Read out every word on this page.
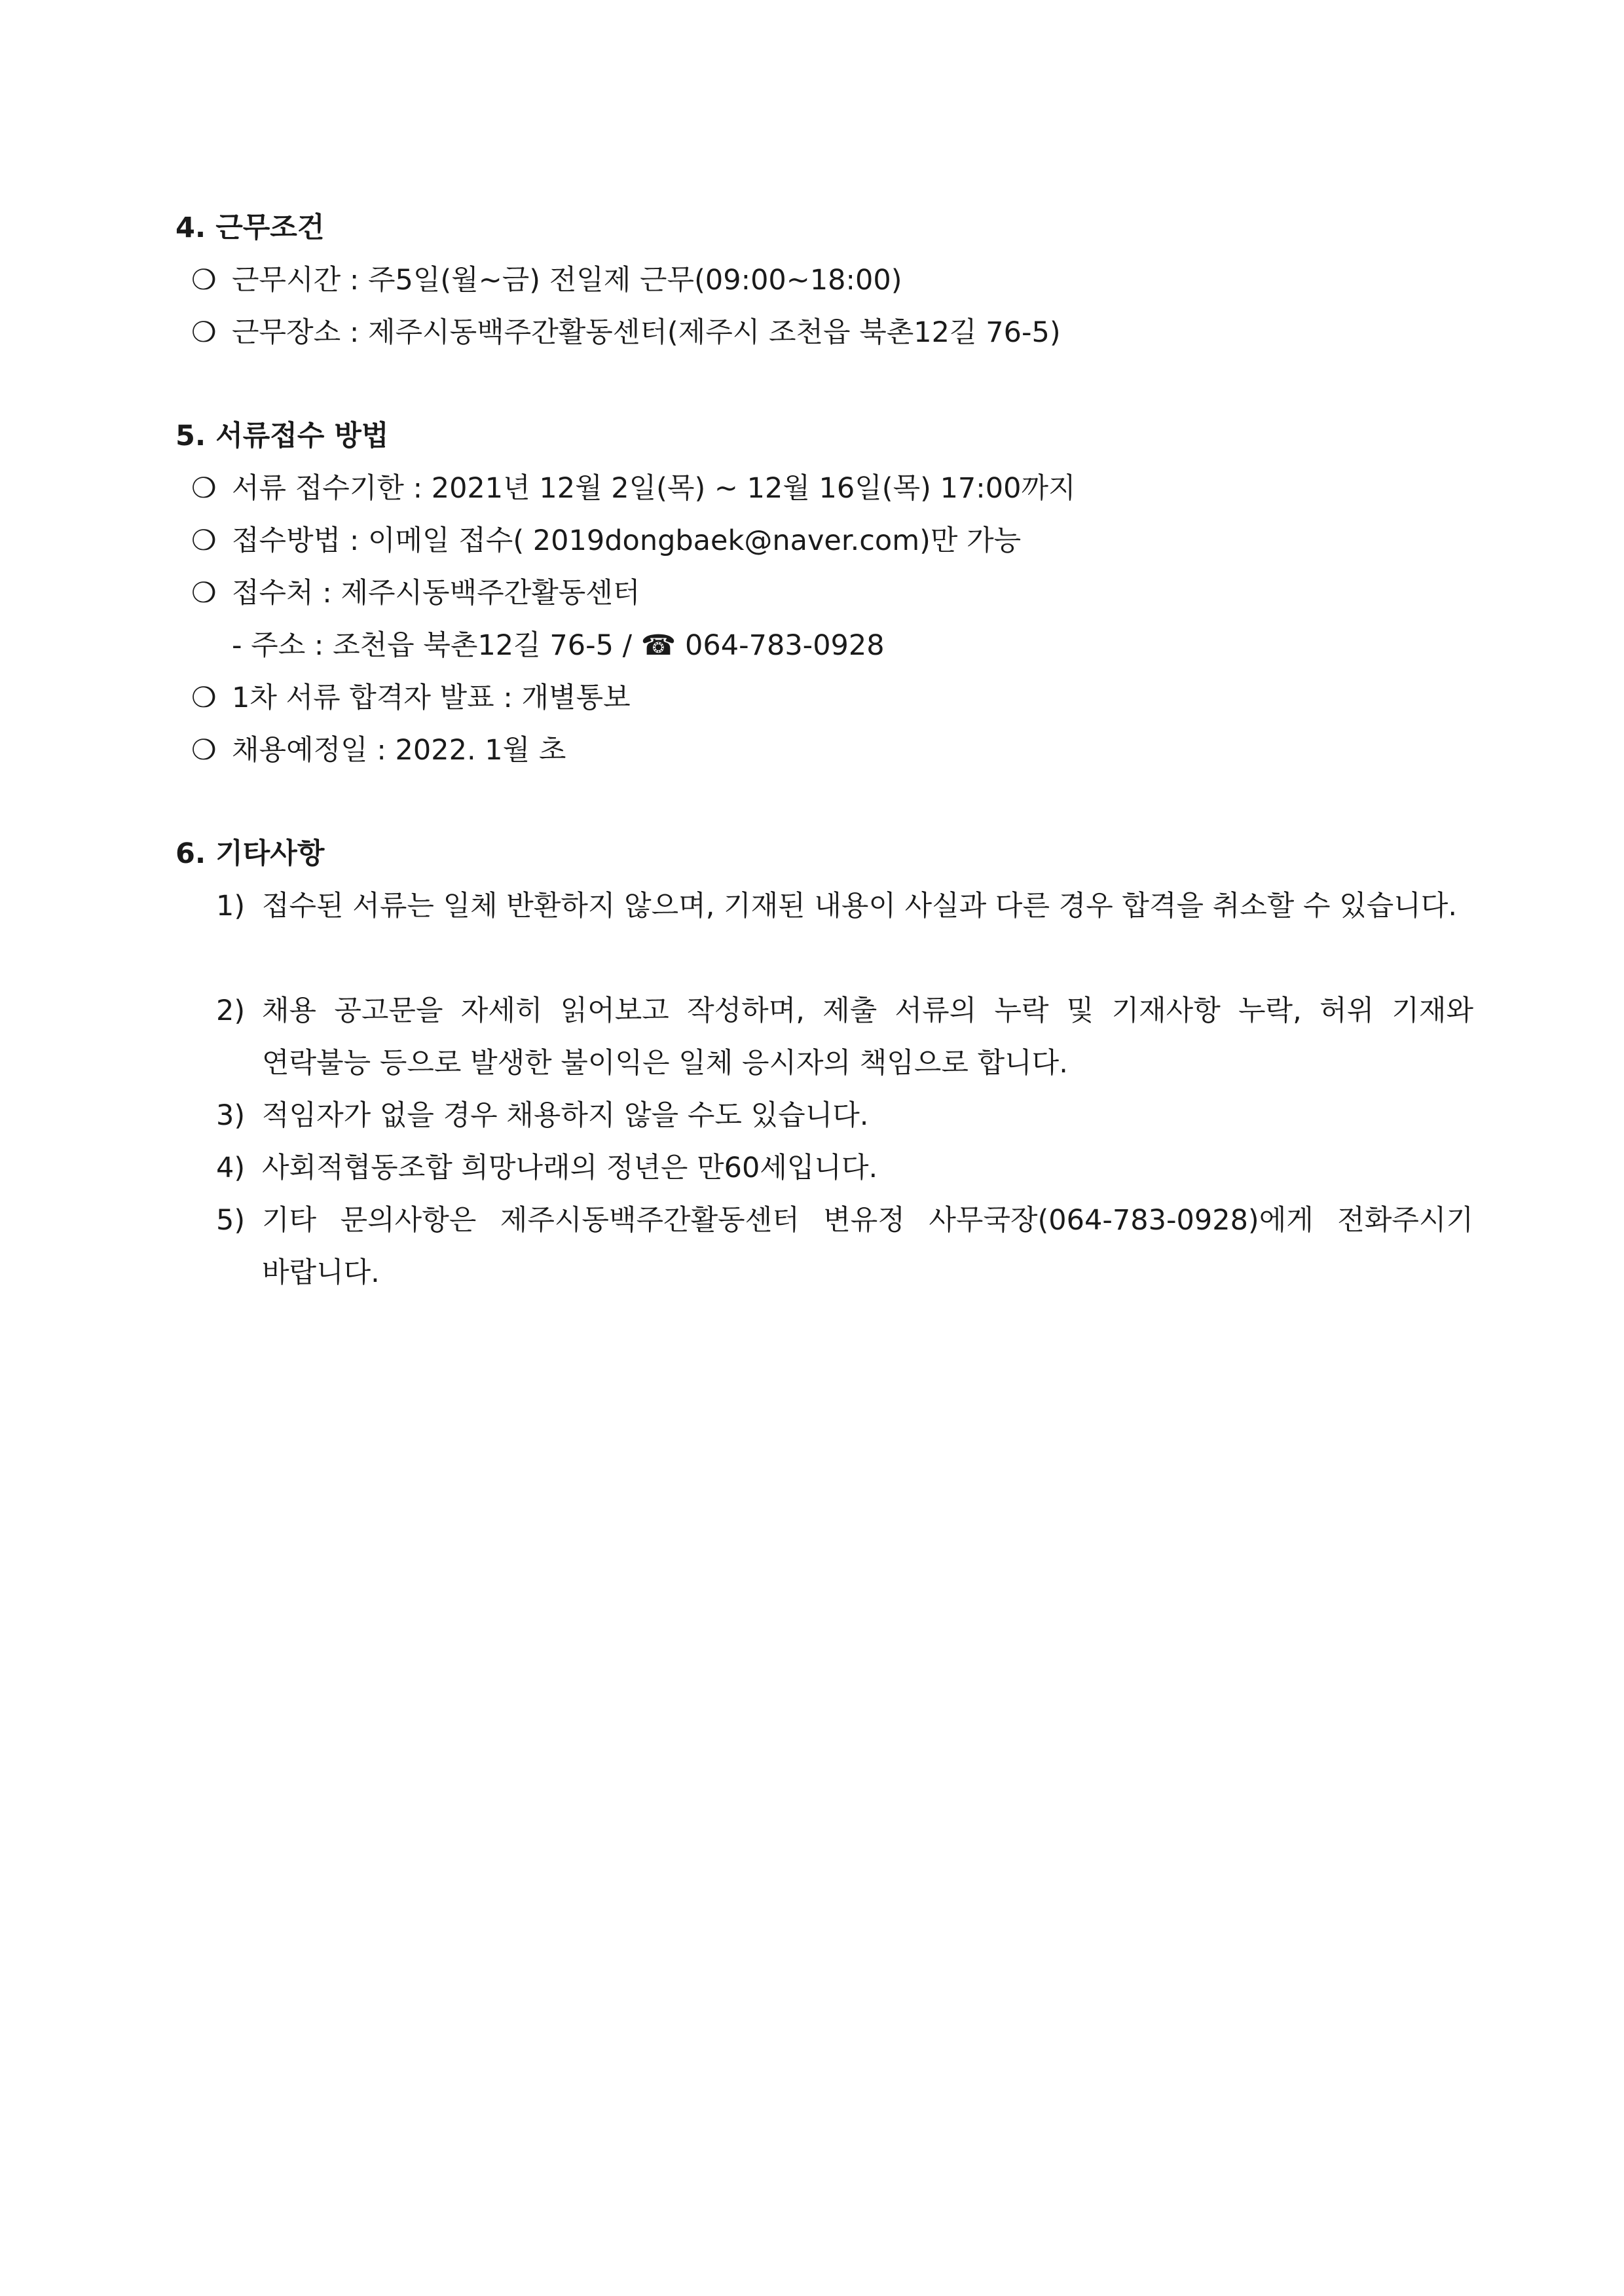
4. 근무조건
❍ 근무시간 : 주5일(월~금) 전일제 근무(09:00~18:00)
❍ 근무장소 : 제주시동백주간활동센터(제주시 조천읍 북촌12길 76-5)
5. 서류접수 방법
❍ 서류 접수기한 : 2021년 12월 2일(목) ~ 12월 16일(목) 17:00까지
❍ 접수방법 : 이메일 접수( 2019dongbaek@naver.com)만 가능
❍ 접수처 : 제주시동백주간활동센터
- 주소 : 조천읍 북촌12길 76-5 / ☎ 064-783-0928
❍ 1차 서류 합격자 발표 : 개별통보
❍ 채용예정일 : 2022. 1월 초
6. 기타사항
1) 접수된 서류는 일체 반환하지 않으며, 기재된 내용이 사실과 다른 경우 합격을 취소할 수 있습니다.
2) 채용 공고문을 자세히 읽어보고 작성하며, 제출 서류의 누락 및 기재사항 누락, 허위 기재와 연락불능 등으로 발생한 불이익은 일체 응시자의 책임으로 합니다.
3) 적임자가 없을 경우 채용하지 않을 수도 있습니다.
4) 사회적협동조합 희망나래의 정년은 만60세입니다.
5) 기타 문의사항은 제주시동백주간활동센터 변유정 사무국장(064-783-0928)에게 전화주시기 바랍니다.
